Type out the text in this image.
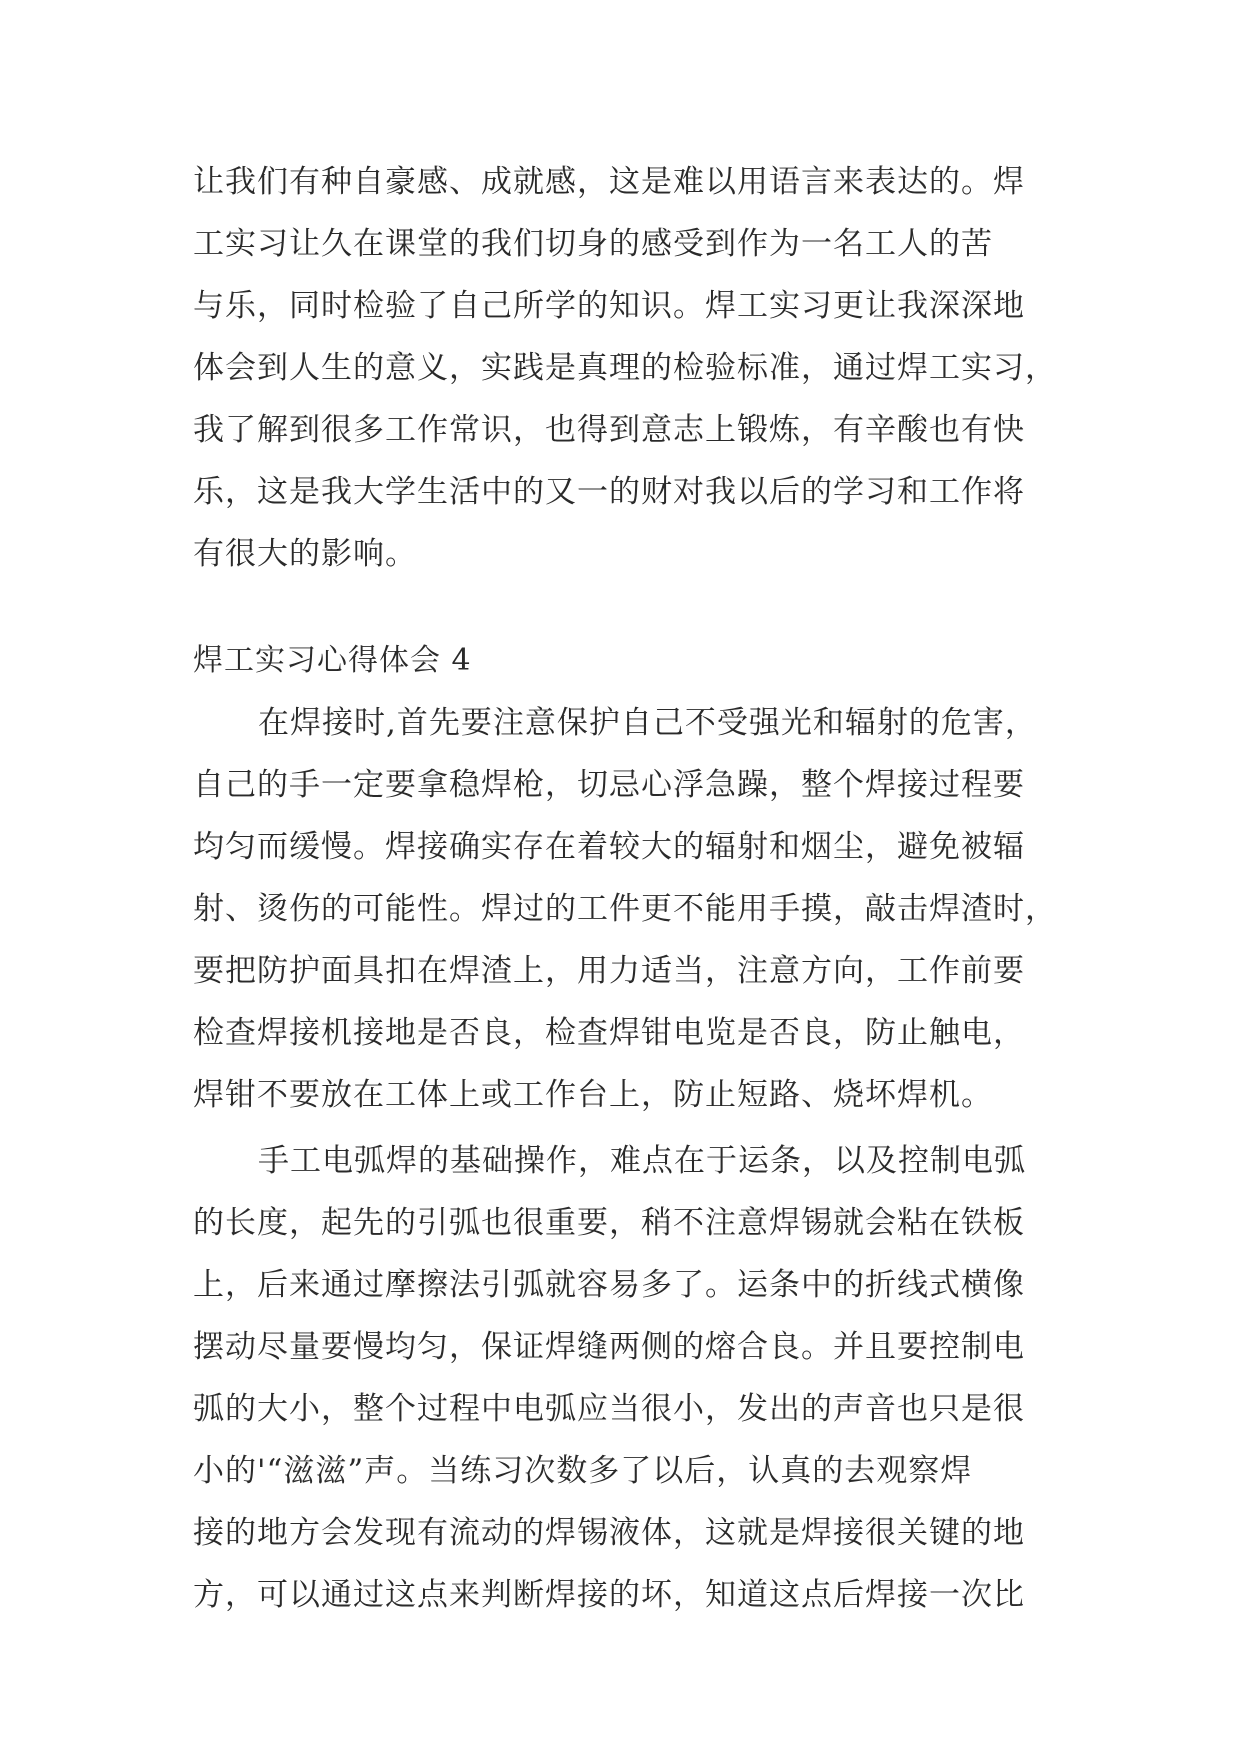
让我们有种自豪感、成就感，这是难以用语言来表达的。焊
工实习让久在课堂的我们切身的感受到作为一名工人的苦
与乐，同时检验了自己所学的知识。焊工实习更让我深深地
体会到人生的意义，实践是真理的检验标准，通过焊工实习，
我了解到很多工作常识，也得到意志上锻炼，有辛酸也有快
乐，这是我大学生活中的又一的财对我以后的学习和工作将
有很大的影响。
焊工实习心得体会 4
在焊接时,首先要注意保护自己不受强光和辐射的危害，
自己的手一定要拿稳焊枪，切忌心浮急躁，整个焊接过程要
均匀而缓慢。焊接确实存在着较大的辐射和烟尘，避免被辐
射、烫伤的可能性。焊过的工件更不能用手摸，敲击焊渣时，
要把防护面具扣在焊渣上，用力适当，注意方向，工作前要
检查焊接机接地是否良，检查焊钳电览是否良，防止触电，
焊钳不要放在工体上或工作台上，防止短路、烧坏焊机。
手工电弧焊的基础操作，难点在于运条，以及控制电弧
的长度，起先的引弧也很重要，稍不注意焊锡就会粘在铁板
上，后来通过摩擦法引弧就容易多了。运条中的折线式横像
摆动尽量要慢均匀，保证焊缝两侧的熔合良。并且要控制电
弧的大小，整个过程中电弧应当很小，发出的声音也只是很
小的'“滋滋”声。当练习次数多了以后，认真的去观察焊
接的地方会发现有流动的焊锡液体，这就是焊接很关键的地
方，可以通过这点来判断焊接的坏，知道这点后焊接一次比
